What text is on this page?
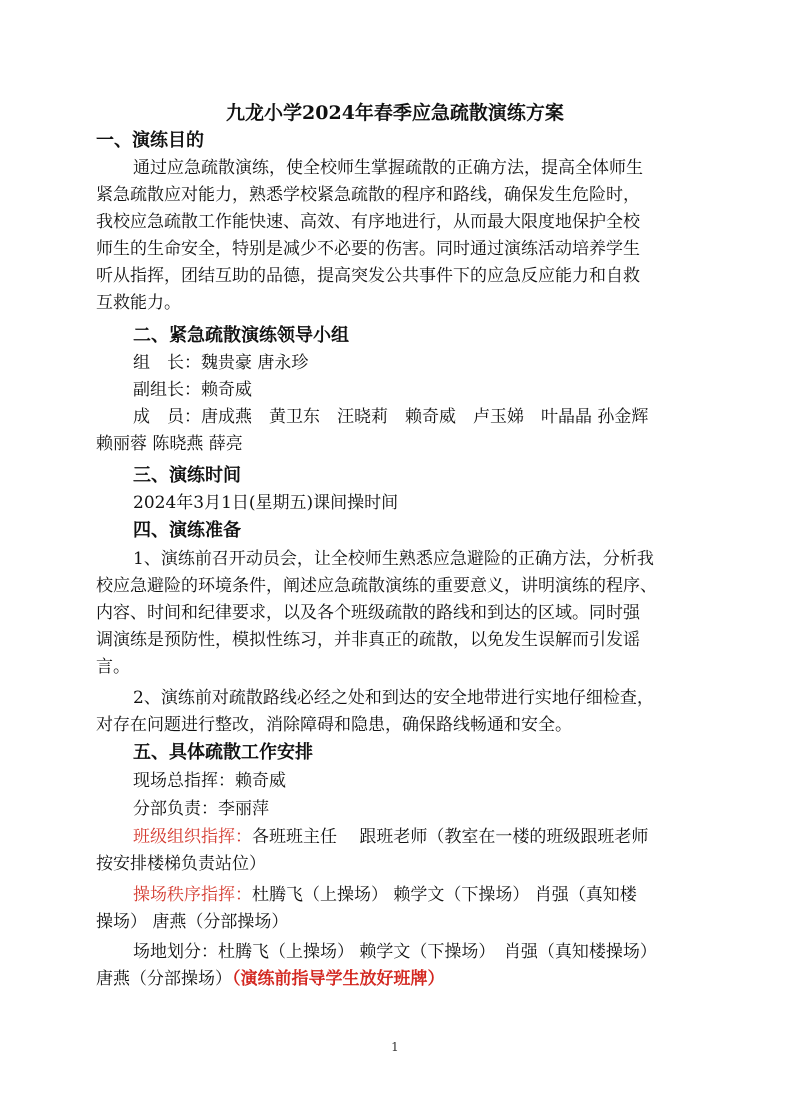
九龙小学2024年春季应急疏散演练方案
一、演练目的
通过应急疏散演练，使全校师生掌握疏散的正确方法，提高全体师生
紧急疏散应对能力，熟悉学校紧急疏散的程序和路线，确保发生危险时，
我校应急疏散工作能快速、高效、有序地进行，从而最大限度地保护全校
师生的生命安全，特别是减少不必要的伤害。同时通过演练活动培养学生
听从指挥，团结互助的品德，提高突发公共事件下的应急反应能力和自救
互救能力。
二、紧急疏散演练领导小组
组　长：魏贵豪 唐永珍
副组长：赖奇威
成　员：唐成燕　黄卫东　汪晓莉　赖奇威　卢玉娣　叶晶晶 孙金辉
赖丽蓉 陈晓燕 薛亮
三、演练时间
2024年3月1日(星期五)课间操时间
四、演练准备
1、演练前召开动员会，让全校师生熟悉应急避险的正确方法，分析我
校应急避险的环境条件，阐述应急疏散演练的重要意义，讲明演练的程序、
内容、时间和纪律要求，以及各个班级疏散的路线和到达的区域。同时强
调演练是预防性，模拟性练习，并非真正的疏散，以免发生误解而引发谣
言。
2、演练前对疏散路线必经之处和到达的安全地带进行实地仔细检查，
对存在问题进行整改，消除障碍和隐患，确保路线畅通和安全。
五、具体疏散工作安排
现场总指挥：赖奇威
分部负责：李丽萍
班级组织指挥：各班班主任　 跟班老师（教室在一楼的班级跟班老师
按安排楼梯负责站位）
操场秩序指挥：杜腾飞（上操场） 赖学文（下操场） 肖强（真知楼
操场） 唐燕（分部操场）
场地划分：杜腾飞（上操场） 赖学文（下操场）　肖强（真知楼操场）
唐燕（分部操场）（演练前指导学生放好班牌）
1
